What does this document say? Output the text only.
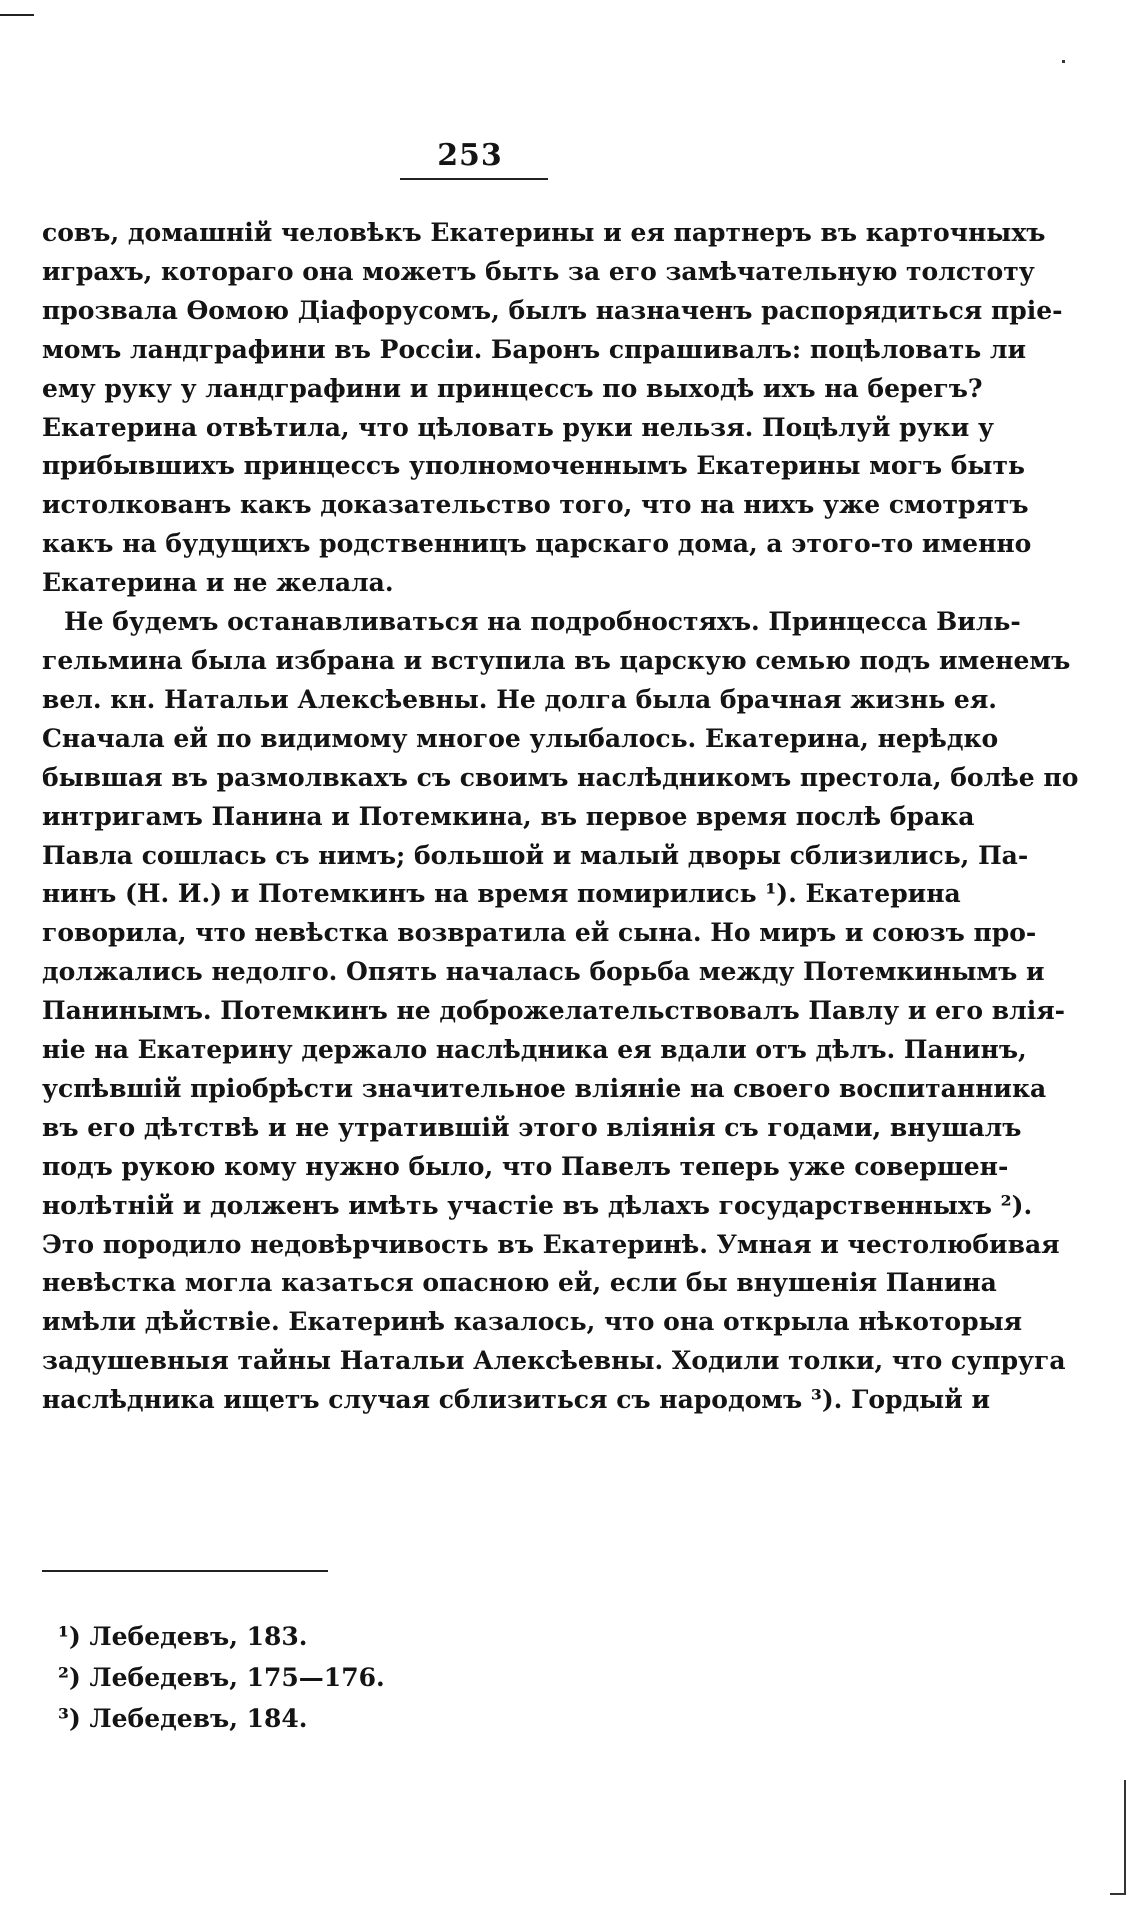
253
совъ, домашній человѣкъ Екатерины и ея партнеръ въ карточныхъ
играхъ, котораго она можетъ быть за его замѣчательную толстоту
прозвала Ѳомою Діафорусомъ, былъ назначенъ распорядиться пріе-
момъ ландграфини въ Россіи. Баронъ спрашивалъ: поцѣловать ли
ему руку у ландграфини и принцессъ по выходѣ ихъ на берегъ?
Екатерина отвѣтила, что цѣловать руки нельзя. Поцѣлуй руки у
прибывшихъ принцессъ уполномоченнымъ Екатерины могъ быть
истолкованъ какъ доказательство того, что на нихъ уже смотрятъ
какъ на будущихъ родственницъ царскаго дома, а этого-то именно
Екатерина и не желала.
Не будемъ останавливаться на подробностяхъ. Принцесса Виль-
гельмина была избрана и вступила въ царскую семью подъ именемъ
вел. кн. Натальи Алексѣевны. Не долга была брачная жизнь ея.
Сначала ей по видимому многое улыбалось. Екатерина, нерѣдко
бывшая въ размолвкахъ съ своимъ наслѣдникомъ престола, болѣе по
интригамъ Панина и Потемкина, въ первое время послѣ брака
Павла сошлась съ нимъ; большой и малый дворы сблизились, Па-
нинъ (Н. И.) и Потемкинъ на время помирились ¹). Екатерина
говорила, что невѣстка возвратила ей сына. Но миръ и союзъ про-
должались недолго. Опять началась борьба между Потемкинымъ и
Панинымъ. Потемкинъ не доброжелательствовалъ Павлу и его влія-
ніе на Екатерину держало наслѣдника ея вдали отъ дѣлъ. Панинъ,
успѣвшій пріобрѣсти значительное вліяніе на своего воспитанника
въ его дѣтствѣ и не утратившій этого вліянія съ годами, внушалъ
подъ рукою кому нужно было, что Павелъ теперь уже совершен-
нолѣтній и долженъ имѣть участіе въ дѣлахъ государственныхъ ²).
Это породило недовѣрчивость въ Екатеринѣ. Умная и честолюбивая
невѣстка могла казаться опасною ей, если бы внушенія Панина
имѣли дѣйствіе. Екатеринѣ казалось, что она открыла нѣкоторыя
задушевныя тайны Натальи Алексѣевны. Ходили толки, что супруга
наслѣдника ищетъ случая сблизиться съ народомъ ³). Гордый и
¹) Лебедевъ, 183.
²) Лебедевъ, 175—176.
³) Лебедевъ, 184.
